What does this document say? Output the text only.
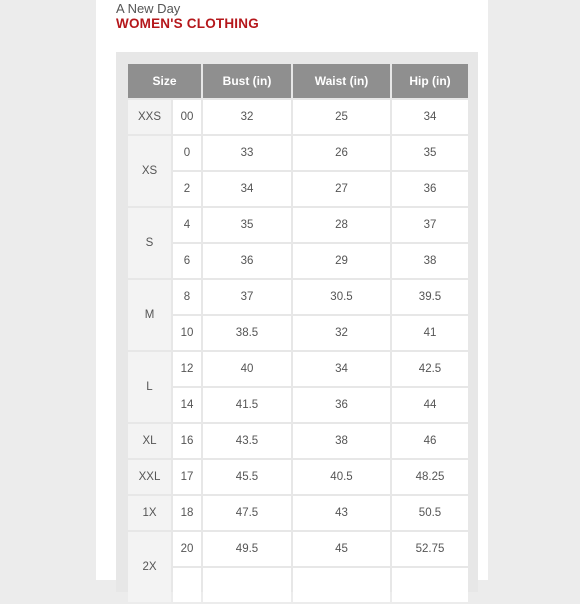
A New Day
WOMEN'S CLOTHING
Size		Bust (in)	Waist (in)	Hip (in)
XXS	00	32	25	34
XS	0	33	26	35
	2	34	27	36
S	4	35	28	37
	6	36	29	38
M	8	37	30.5	39.5
	10	38.5	32	41
L	12	40	34	42.5
	14	41.5	36	44
XL	16	43.5	38	46
XXL	17	45.5	40.5	48.25
1X	18	47.5	43	50.5
2X	20	49.5	45	52.75
